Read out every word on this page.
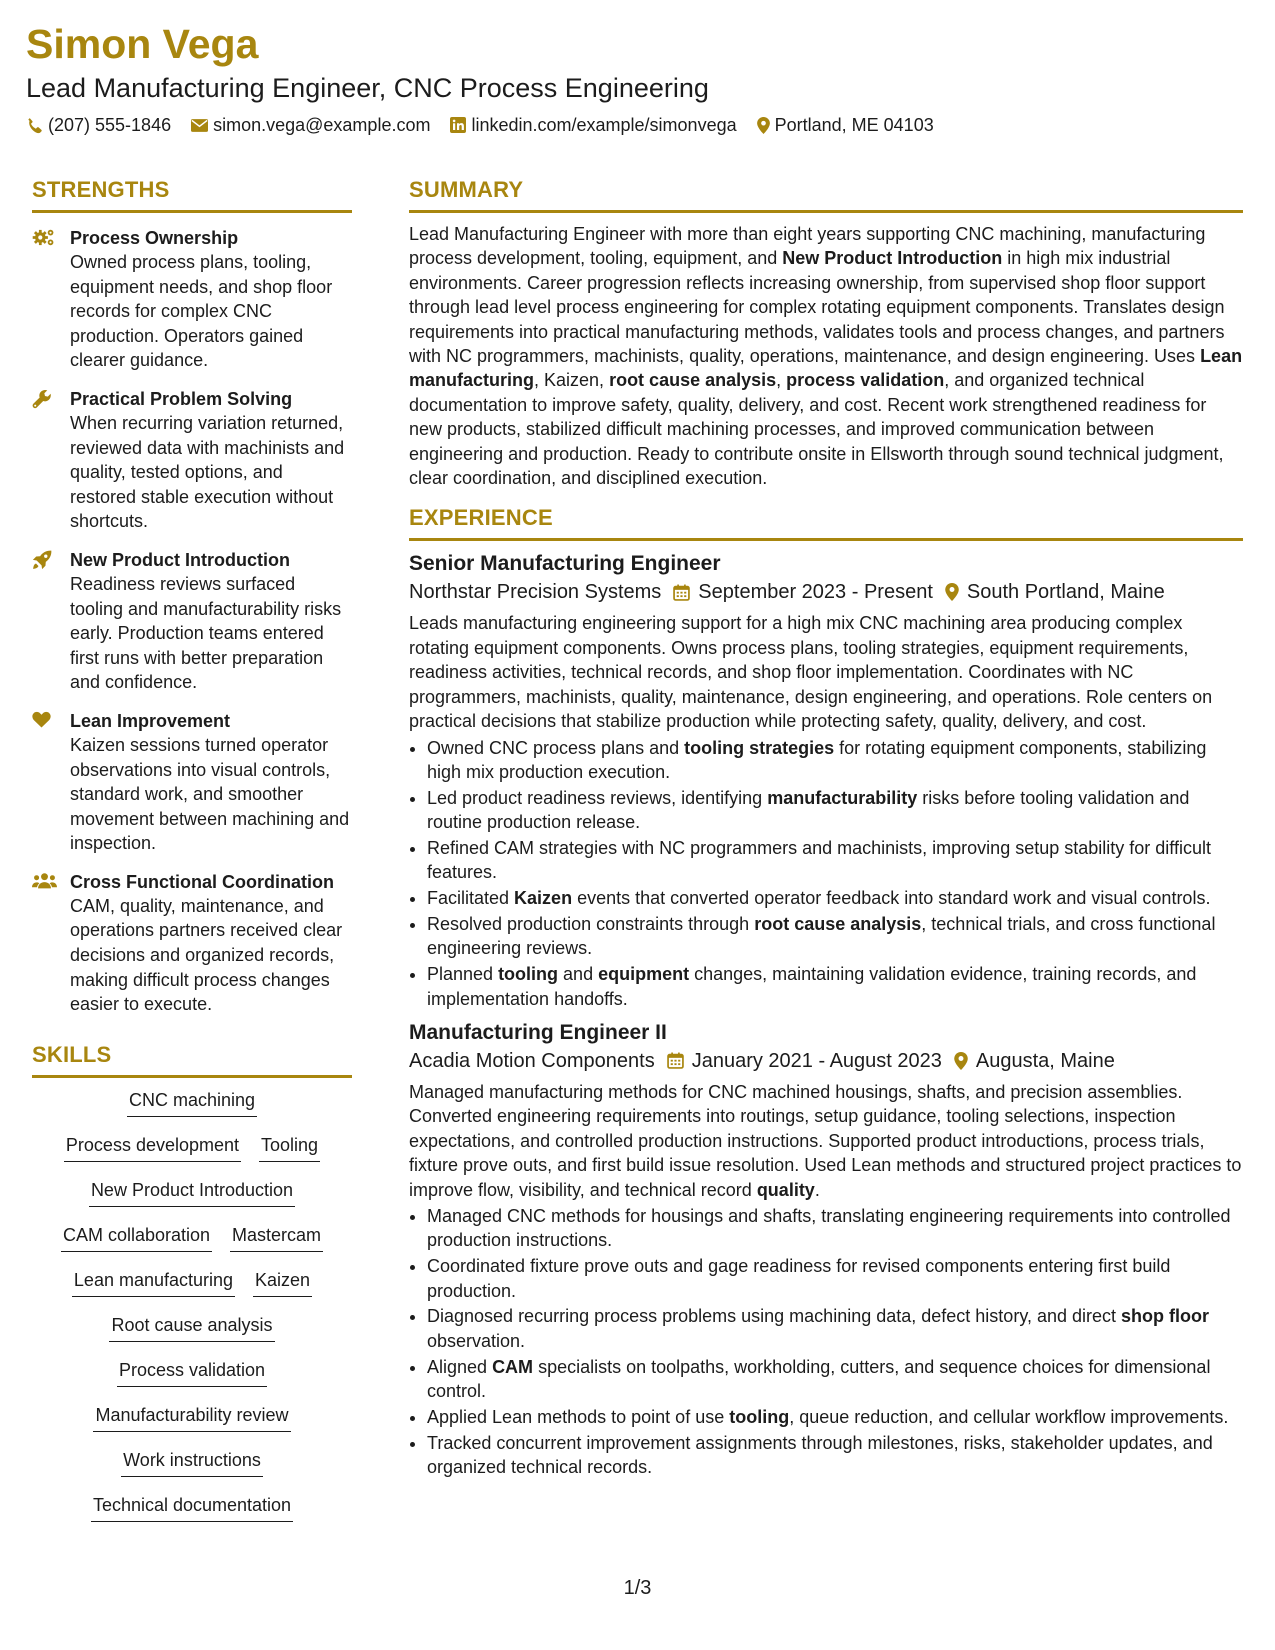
Simon Vega
Lead Manufacturing Engineer, CNC Process Engineering
(207) 555-1846 simon.vega@example.com linkedin.com/example/simonvega Portland, ME 04103
STRENGTHS
Process Ownership
Owned process plans, tooling, equipment needs, and shop floor records for complex CNC production. Operators gained clearer guidance.
Practical Problem Solving
When recurring variation returned, reviewed data with machinists and quality, tested options, and restored stable execution without shortcuts.
New Product Introduction
Readiness reviews surfaced tooling and manufacturability risks early. Production teams entered first runs with better preparation and confidence.
Lean Improvement
Kaizen sessions turned operator observations into visual controls, standard work, and smoother movement between machining and inspection.
Cross Functional Coordination
CAM, quality, maintenance, and operations partners received clear decisions and organized records, making difficult process changes easier to execute.
SKILLS
CNC machining
Process development Tooling
New Product Introduction
CAM collaboration Mastercam
Lean manufacturing Kaizen
Root cause analysis
Process validation
Manufacturability review
Work instructions
Technical documentation
SUMMARY

Lead Manufacturing Engineer with more than eight years supporting CNC machining, manufacturing process development, tooling, equipment, and New Product Introduction in high mix industrial environments. Career progression reflects increasing ownership, from supervised shop floor support through lead level process engineering for complex rotating equipment components. Translates design requirements into practical manufacturing methods, validates tools and process changes, and partners with NC programmers, machinists, quality, operations, maintenance, and design engineering. Uses Lean manufacturing, Kaizen, root cause analysis, process validation, and organized technical documentation to improve safety, quality, delivery, and cost. Recent work strengthened readiness for new products, stabilized difficult machining processes, and improved communication between engineering and production. Ready to contribute onsite in Ellsworth through sound technical judgment, clear coordination, and disciplined execution.

EXPERIENCE
Senior Manufacturing Engineer
Northstar Precision Systems September 2023 - Present South Portland, Maine

Leads manufacturing engineering support for a high mix CNC machining area producing complex rotating equipment components. Owns process plans, tooling strategies, equipment requirements, readiness activities, technical records, and shop floor implementation. Coordinates with NC programmers, machinists, quality, maintenance, design engineering, and operations. Role centers on practical decisions that stabilize production while protecting safety, quality, delivery, and cost.

• Owned CNC process plans and tooling strategies for rotating equipment components, stabilizing high mix production execution.
• Led product readiness reviews, identifying manufacturability risks before tooling validation and routine production release.
• Refined CAM strategies with NC programmers and machinists, improving setup stability for difficult features.
• Facilitated Kaizen events that converted operator feedback into standard work and visual controls.
• Resolved production constraints through root cause analysis, technical trials, and cross functional engineering reviews.
• Planned tooling and equipment changes, maintaining validation evidence, training records, and implementation handoffs.
Manufacturing Engineer II
Acadia Motion Components January 2021 - August 2023 Augusta, Maine

Managed manufacturing methods for CNC machined housings, shafts, and precision assemblies. Converted engineering requirements into routings, setup guidance, tooling selections, inspection expectations, and controlled production instructions. Supported product introductions, process trials, fixture prove outs, and first build issue resolution. Used Lean methods and structured project practices to improve flow, visibility, and technical record quality.

• Managed CNC methods for housings and shafts, translating engineering requirements into controlled production instructions.
• Coordinated fixture prove outs and gage readiness for revised components entering first build production.
• Diagnosed recurring process problems using machining data, defect history, and direct shop floor observation.
• Aligned CAM specialists on toolpaths, workholding, cutters, and sequence choices for dimensional control.
• Applied Lean methods to point of use tooling, queue reduction, and cellular workflow improvements.
• Tracked concurrent improvement assignments through milestones, risks, stakeholder updates, and organized technical records.
1/3
